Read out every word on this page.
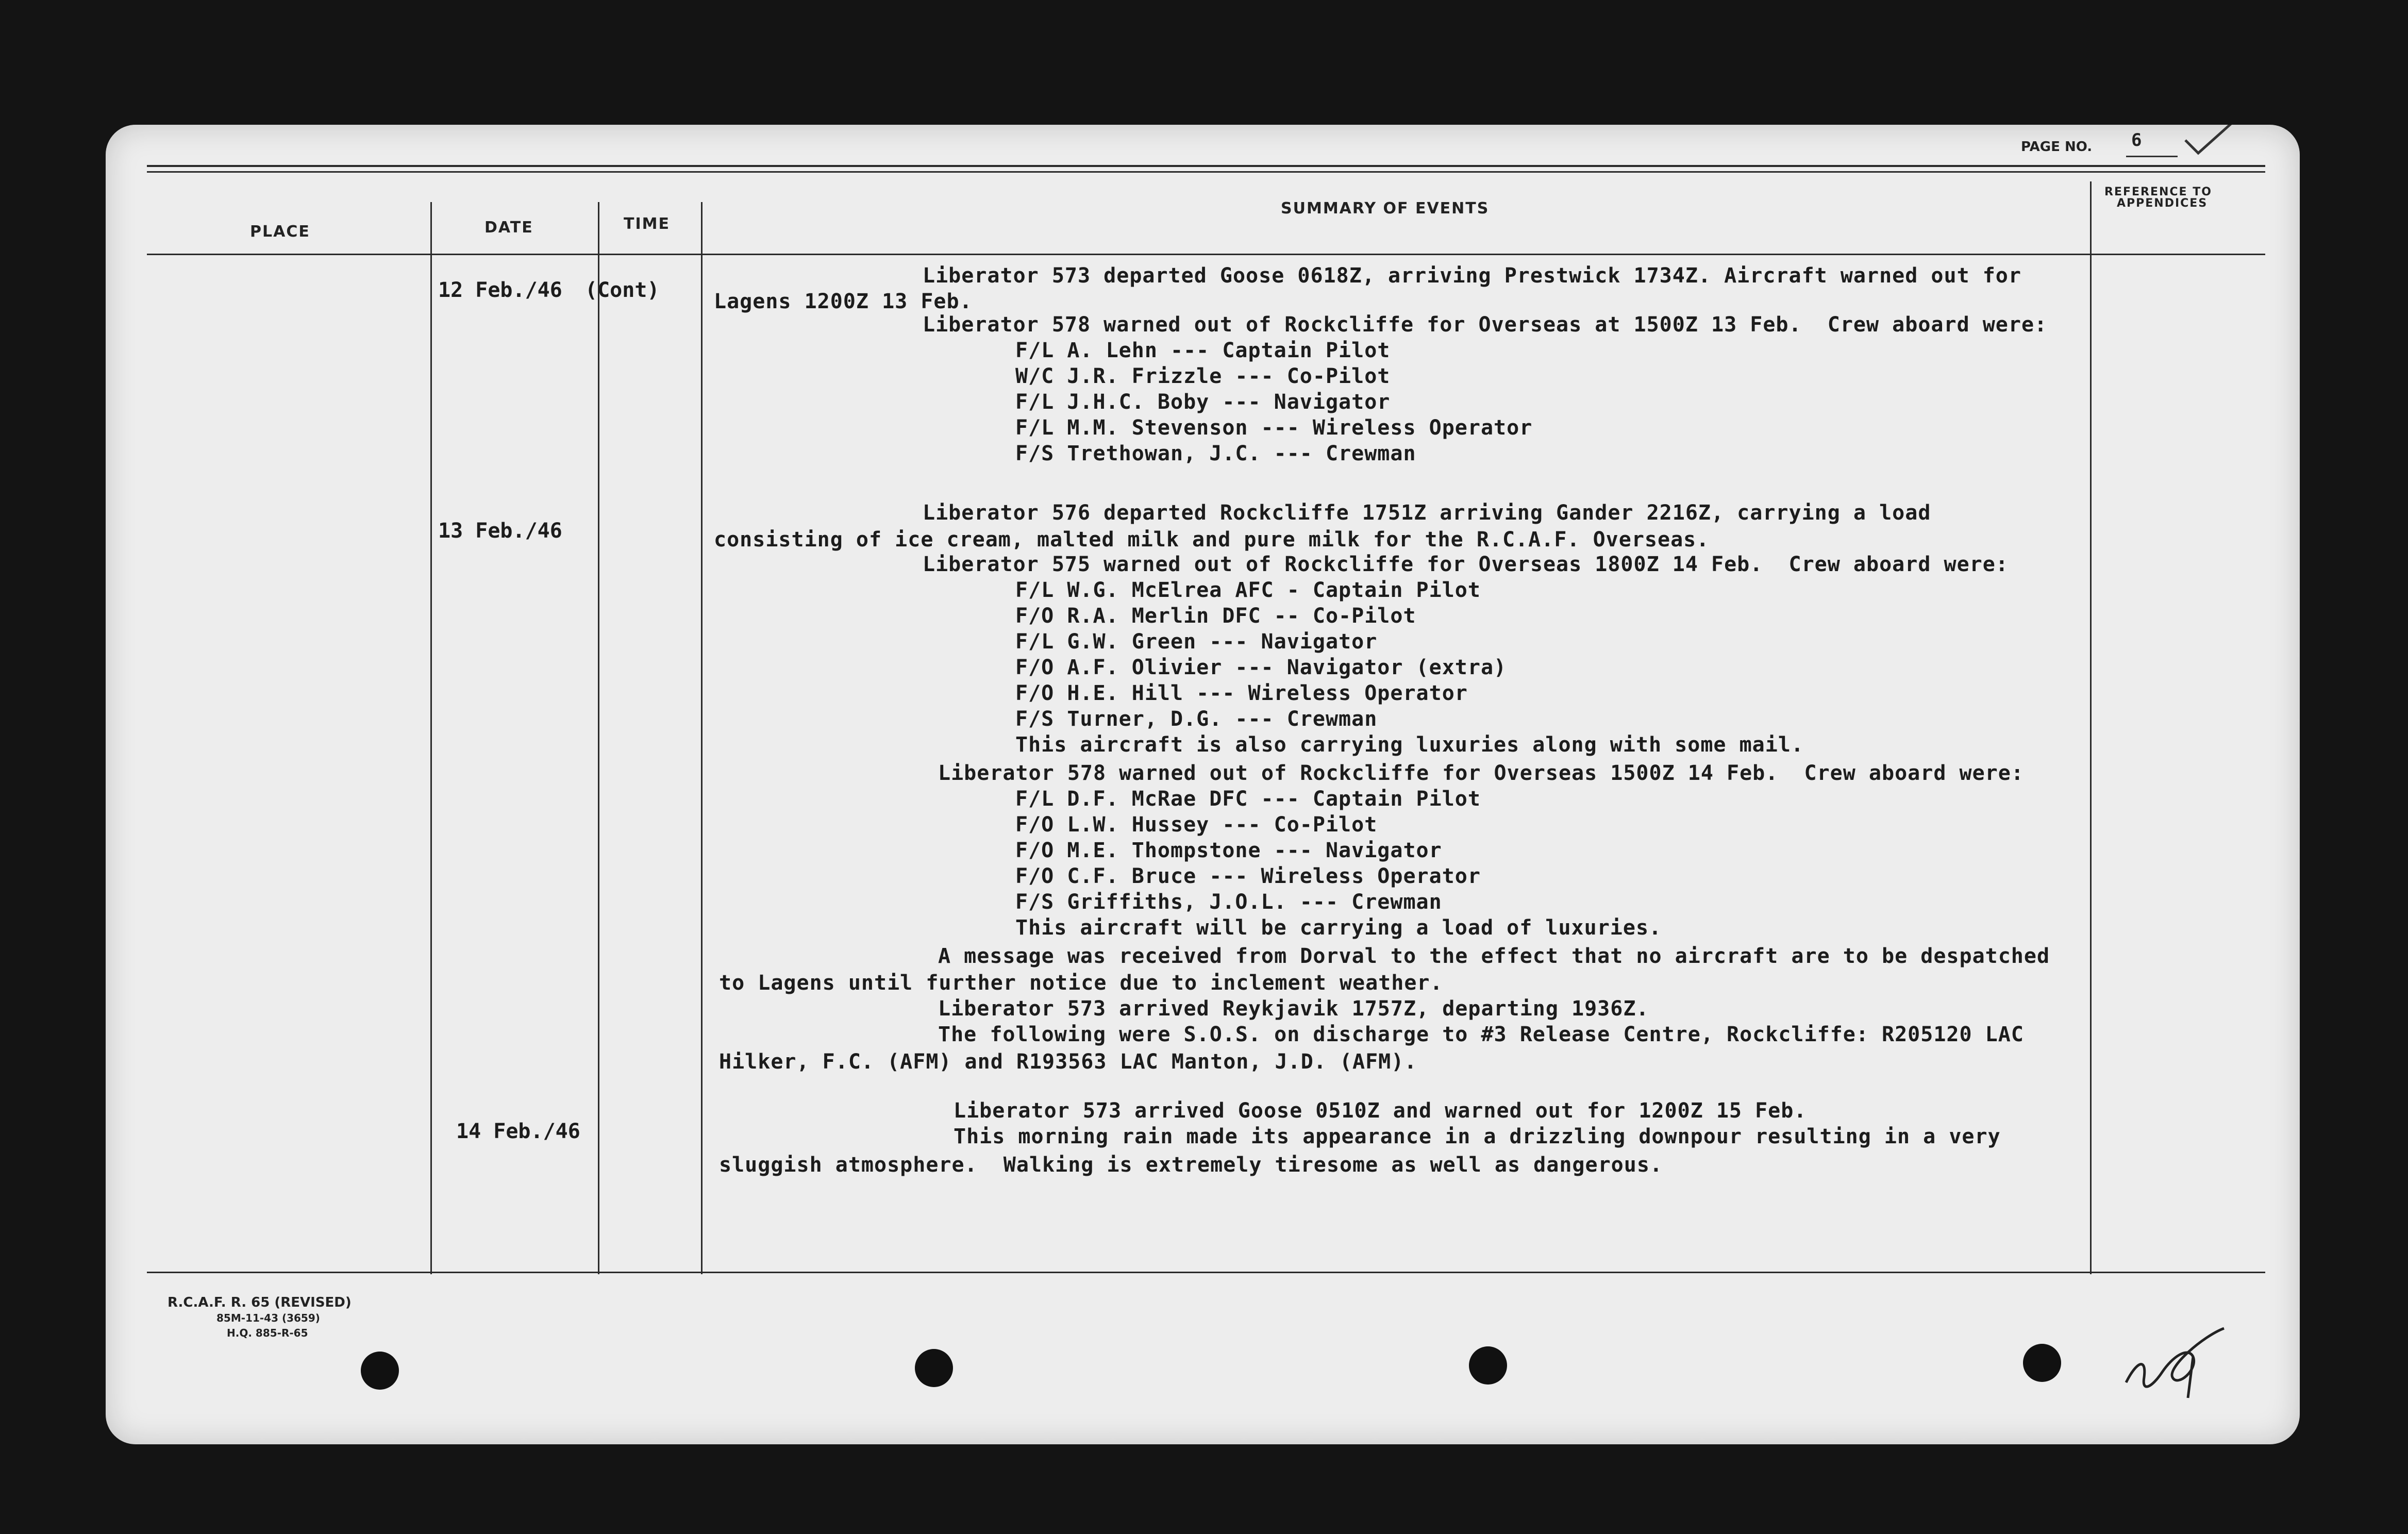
PAGE NO. 6
PLACE	DATE	TIME
SUMMARY OF EVENTS
REFERENCE TO
APPENDICES
12 Feb./46 (Cont)
13 Feb./46
14 Feb./46
Liberator 573 departed Goose 0618Z, arriving Prestwick 1734Z. Aircraft warned out for
Lagens 1200Z 13 Feb.
Liberator 578 warned out of Rockcliffe for Overseas at 1500Z 13 Feb.  Crew aboard were:
F/L A. Lehn --- Captain Pilot
W/C J.R. Frizzle --- Co-Pilot
F/L J.H.C. Boby --- Navigator
F/L M.M. Stevenson --- Wireless Operator
F/S Trethowan, J.C. --- Crewman
Liberator 576 departed Rockcliffe 1751Z arriving Gander 2216Z, carrying a load
consisting of ice cream, malted milk and pure milk for the R.C.A.F. Overseas.
Liberator 575 warned out of Rockcliffe for Overseas 1800Z 14 Feb.  Crew aboard were:
F/L W.G. McElrea AFC - Captain Pilot
F/O R.A. Merlin DFC -- Co-Pilot
F/L G.W. Green --- Navigator
F/O A.F. Olivier --- Navigator (extra)
F/O H.E. Hill --- Wireless Operator
F/S Turner, D.G. --- Crewman
This aircraft is also carrying luxuries along with some mail.
Liberator 578 warned out of Rockcliffe for Overseas 1500Z 14 Feb.  Crew aboard were:
F/L D.F. McRae DFC --- Captain Pilot
F/O L.W. Hussey --- Co-Pilot
F/O M.E. Thompstone --- Navigator
F/O C.F. Bruce --- Wireless Operator
F/S Griffiths, J.O.L. --- Crewman
This aircraft will be carrying a load of luxuries.
A message was received from Dorval to the effect that no aircraft are to be despatched
to Lagens until further notice due to inclement weather.
Liberator 573 arrived Reykjavik 1757Z, departing 1936Z.
The following were S.O.S. on discharge to #3 Release Centre, Rockcliffe: R205120 LAC
Hilker, F.C. (AFM) and R193563 LAC Manton, J.D. (AFM).
Liberator 573 arrived Goose 0510Z and warned out for 1200Z 15 Feb.
This morning rain made its appearance in a drizzling downpour resulting in a very
sluggish atmosphere.  Walking is extremely tiresome as well as dangerous.
R.C.A.F. R. 65 (REVISED)
85M-11-43 (3659)
H.Q. 885-R-65
